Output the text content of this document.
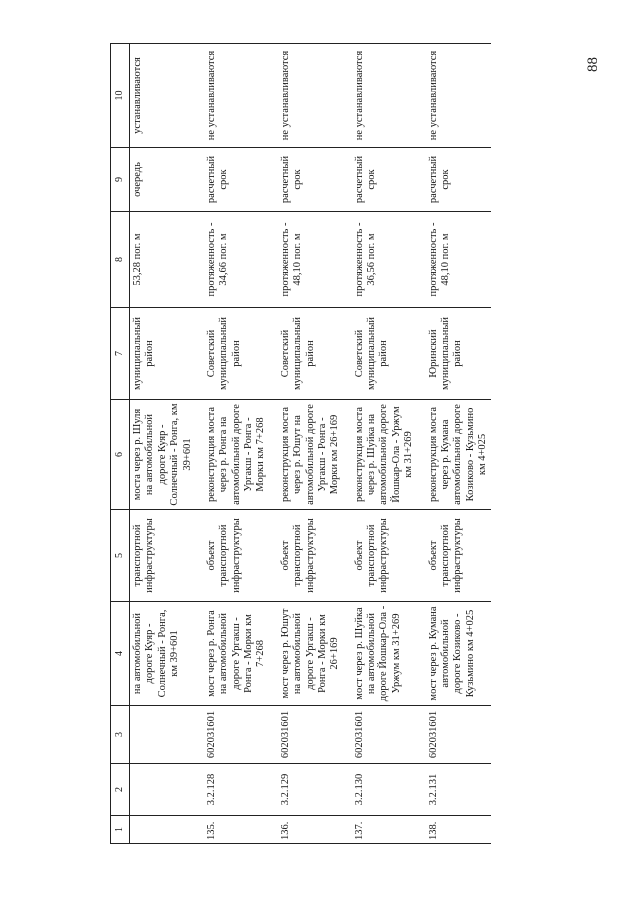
88
1	2	3	4	5	6	7	8	9	10
			на автомобильной дороге Куяр - Солнечный - Ронга, км 39+601	транспортной инфраструктуры	моста через р. Шуля на автомобильной дороге Куяр - Солнечный - Ронга, км 39+601	муниципальный район	53,28 пог. м	очередь	устанавливаются
135.	3.2.128	602031601	мост через р. Ронга на автомобильной дороге Ургакш - Ронга - Морки км 7+268	объект транспортной инфраструктуры	реконструкция моста через р. Ронга на автомобильной дороге Ургакш - Ронга - Морки км 7+268	Советский муниципальный район	протяженность - 34,66 пог. м	расчетный срок	не устанавливаются
136.	3.2.129	602031601	мост через р. Юшут на автомобильной дороге Ургакш - Ронга - Морки км 26+169	объект транспортной инфраструктуры	реконструкция моста через р. Юшут на автомобильной дороге Ургакш - Ронга - Морки км 26+169	Советский муниципальный район	протяженность - 48,10 пог. м	расчетный срок	не устанавливаются
137.	3.2.130	602031601	мост через р. Шуйка на автомобильной дороге Йошкар-Ола - Уржум км 31+269	объект транспортной инфраструктуры	реконструкция моста через р. Шуйка на автомобильной дороге Йошкар-Ола - Уржум км 31+269	Советский муниципальный район	протяженность - 36,56 пог. м	расчетный срок	не устанавливаются
138.	3.2.131	602031601	мост через р. Кумана автомобильной дороге Козиково - Кузьмино км 4+025	объект транспортной инфраструктуры	реконструкция моста через р. Кумана автомобильной дороге Козиково - Кузьмино км 4+025	Юринский муниципальный район	протяженность - 48,10 пог. м	расчетный срок	не устанавливаются
